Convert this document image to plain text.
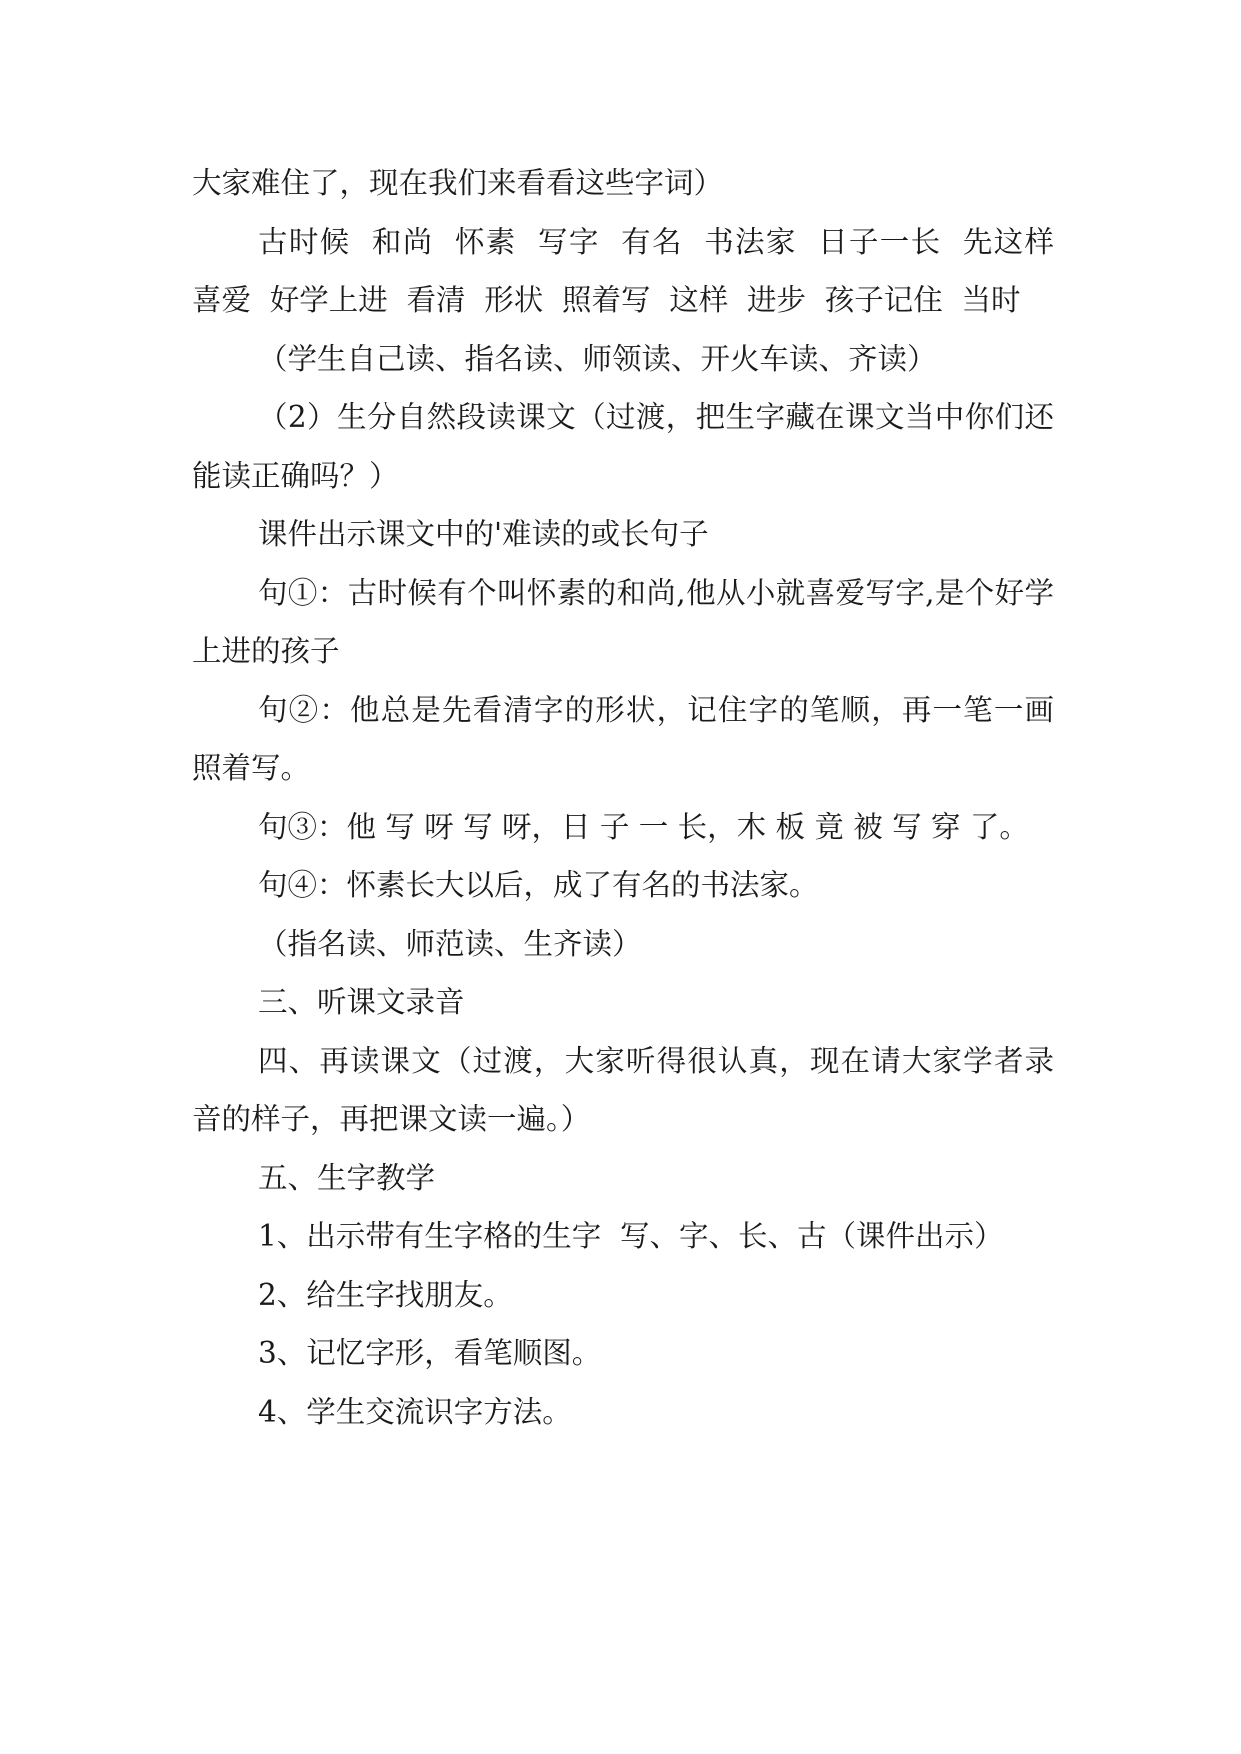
大家难住了，现在我们来看看这些字词）

古时候  和尚  怀素  写字  有名  书法家  日子一长  先这样  喜爱  好学上进  看清  形状  照着写  这样  进步  孩子记住  当时

（学生自己读、指名读、师领读、开火车读、齐读）

（2）生分自然段读课文（过渡，把生字藏在课文当中你们还能读正确吗？）

课件出示课文中的'难读的或长句子

句①：古时候有个叫怀素的和尚,他从小就喜爱写字,是个好学上进的孩子

句②：他总是先看清字的形状，记住字的笔顺，再一笔一画照着写。

句③：他 写 呀 写 呀，日 子 一 长，木 板 竟 被 写 穿 了。

句④：怀素长大以后，成了有名的书法家。

（指名读、师范读、生齐读）

三、听课文录音

四、再读课文（过渡，大家听得很认真，现在请大家学者录音的样子，再把课文读一遍。）

五、生字教学

1、出示带有生字格的生字  写、字、长、古（课件出示）

2、给生字找朋友。

3、记忆字形，看笔顺图。

4、学生交流识字方法。
